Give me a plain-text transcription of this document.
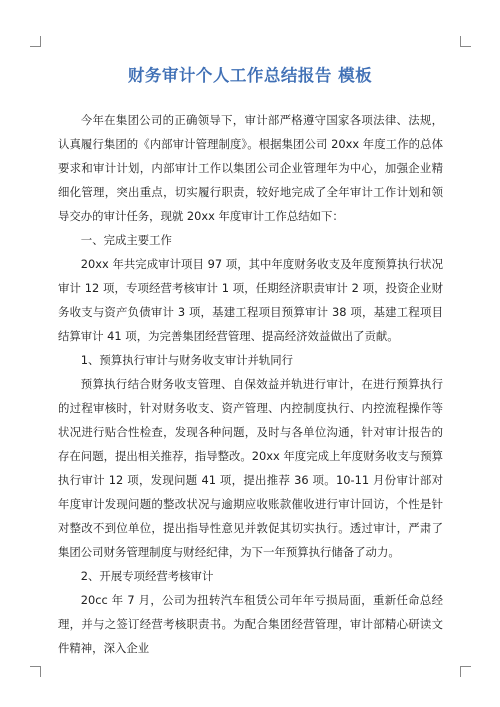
财务审计个人工作总结报告 模板

今年在集团公司的正确领导下，审计部严格遵守国家各项法律、法规，认真履行集团的《内部审计管理制度》。根据集团公司 20xx 年度工作的总体要求和审计计划，内部审计工作以集团公司企业管理年为中心，加强企业精细化管理，突出重点，切实履行职责，较好地完成了全年审计工作计划和领导交办的审计任务，现就 20xx 年度审计工作总结如下：

一、完成主要工作

20xx 年共完成审计项目 97 项，其中年度财务收支及年度预算执行状况审计 12 项，专项经营考核审计 1 项，任期经济职责审计 2 项，投资企业财务收支与资产负债审计 3 项，基建工程项目预算审计 38 项，基建工程项目结算审计 41 项，为完善集团经营管理、提高经济效益做出了贡献。

1、预算执行审计与财务收支审计并轨同行

预算执行结合财务收支管理、自保效益并轨进行审计，在进行预算执行的过程审核时，针对财务收支、资产管理、内控制度执行、内控流程操作等状况进行贴合性检查，发现各种问题，及时与各单位沟通，针对审计报告的存在问题，提出相关推荐，指导整改。20xx 年度完成上年度财务收支与预算执行审计 12 项，发现问题 41 项，提出推荐 36 项。10-11 月份审计部对年度审计发现问题的整改状况与逾期应收账款催收进行审计回访，个性是针对整改不到位单位，提出指导性意见并敦促其切实执行。透过审计，严肃了集团公司财务管理制度与财经纪律，为下一年预算执行储备了动力。

2、开展专项经营考核审计

20cc 年 7 月，公司为扭转汽车租赁公司年年亏损局面，重新任命总经理，并与之签订经营考核职责书。为配合集团经营管理，审计部精心研读文件精神，深入企业
